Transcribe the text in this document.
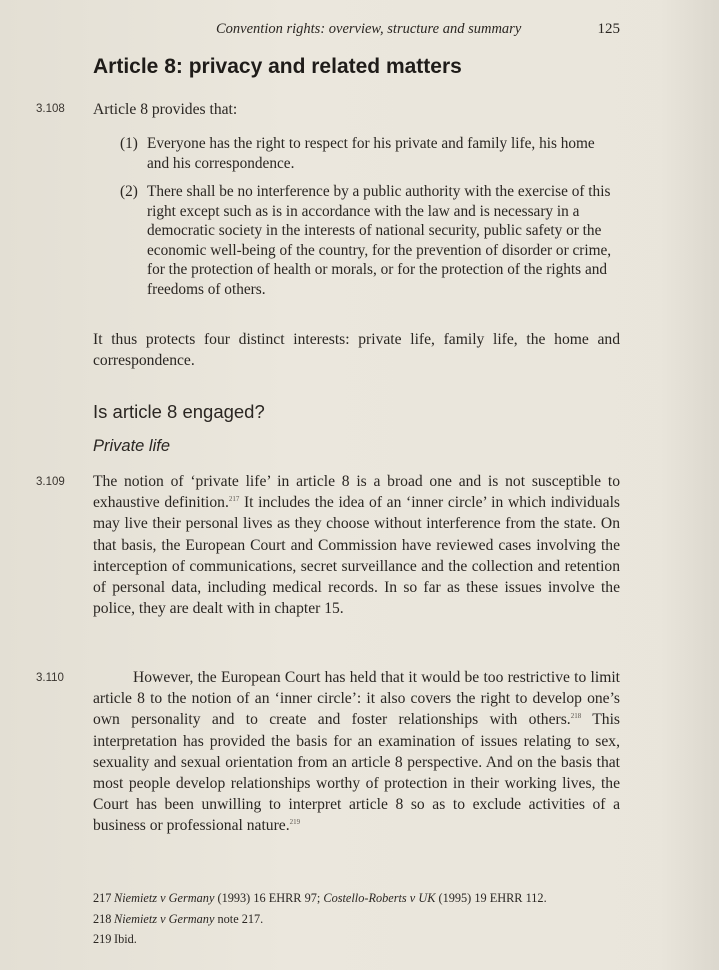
Convention rights: overview, structure and summary	125
Article 8: privacy and related matters
3.108 Article 8 provides that:
(1) Everyone has the right to respect for his private and family life, his home and his correspondence.
(2) There shall be no interference by a public authority with the exercise of this right except such as is in accordance with the law and is necessary in a democratic society in the interests of national security, public safety or the economic well-being of the country, for the prevention of disorder or crime, for the protection of health or morals, or for the protection of the rights and freedoms of others.
It thus protects four distinct interests: private life, family life, the home and correspondence.
Is article 8 engaged?
Private life
3.109 The notion of ‘private life’ in article 8 is a broad one and is not susceptible to exhaustive definition.$^{217}$ It includes the idea of an ‘inner circle’ in which individuals may live their personal lives as they choose without interference from the state. On that basis, the European Court and Commission have reviewed cases involving the interception of communications, secret surveillance and the collection and retention of personal data, including medical records. In so far as these issues involve the police, they are dealt with in chapter 15.
3.110	However, the European Court has held that it would be too restrictive to limit article 8 to the notion of an ‘inner circle’: it also covers the right to develop one’s own personality and to create and foster relationships with others.$^{218}$ This interpretation has provided the basis for an examination of issues relating to sex, sexuality and sexual orientation from an article 8 perspective. And on the basis that most people develop relationships worthy of protection in their working lives, the Court has been unwilling to interpret article 8 so as to exclude activities of a business or professional nature.$^{219}$
217 Niemietz v Germany (1993) 16 EHRR 97; Costello-Roberts v UK (1995) 19 EHRR 112.
218 Niemietz v Germany note 217.
219 Ibid.
